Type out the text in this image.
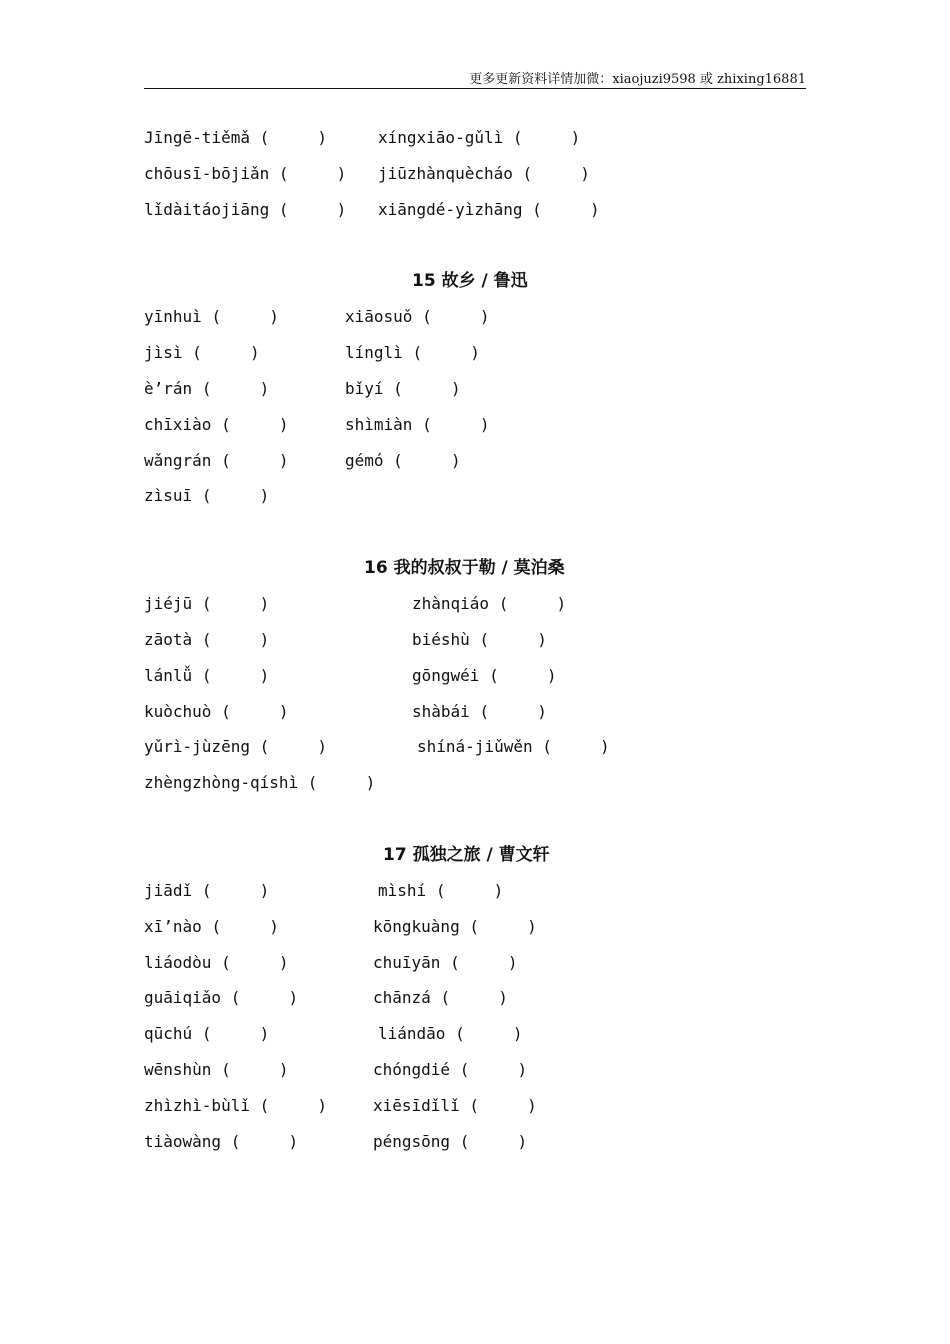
更多更新资料详情加微：xiaojuzi9598 或 zhixing16881
Jīngē-tiěmǎ (     )	xíngxiāo-gǔlì (     )
chōusī-bōjiǎn (     ) jiūzhànquècháo (     )
lǐdàitáojiāng (     ) xiāngdé-yìzhāng (     )
15 故乡 / 鲁迅
yīnhuì (     )	xiāosuǒ (     )
jìsì (     )	línglì (     )
è’rán (     )	bǐyí (     )
chīxiào (     )	shìmiàn (     )
wǎngrán (     )	gémó (     )
zìsuī (     )
16 我的叔叔于勒 / 莫泊桑
jiéjū (     )	zhànqiáo (     )
zāotà (     )	biéshù (     )
lánlǚ (     )	gōngwéi (     )
kuòchuò (     )	shàbái (     )
yǔrì-jùzēng (     )	shíná-jiǔwěn (     )
zhèngzhòng-qíshì (     )
17 孤独之旅 / 曹文轩
jiādǐ (     )	mìshí (     )
xī’nào (     )	kōngkuàng (     )
liáodòu (     )	chuīyān (     )
guāiqiǎo (     )	chānzá (     )
qūchú (     )	liándāo (     )
wēnshùn (     )	chóngdié (     )
zhìzhì-bùlǐ (     )	xiēsīdǐlǐ (     )
tiàowàng (     )	péngsōng (     )
